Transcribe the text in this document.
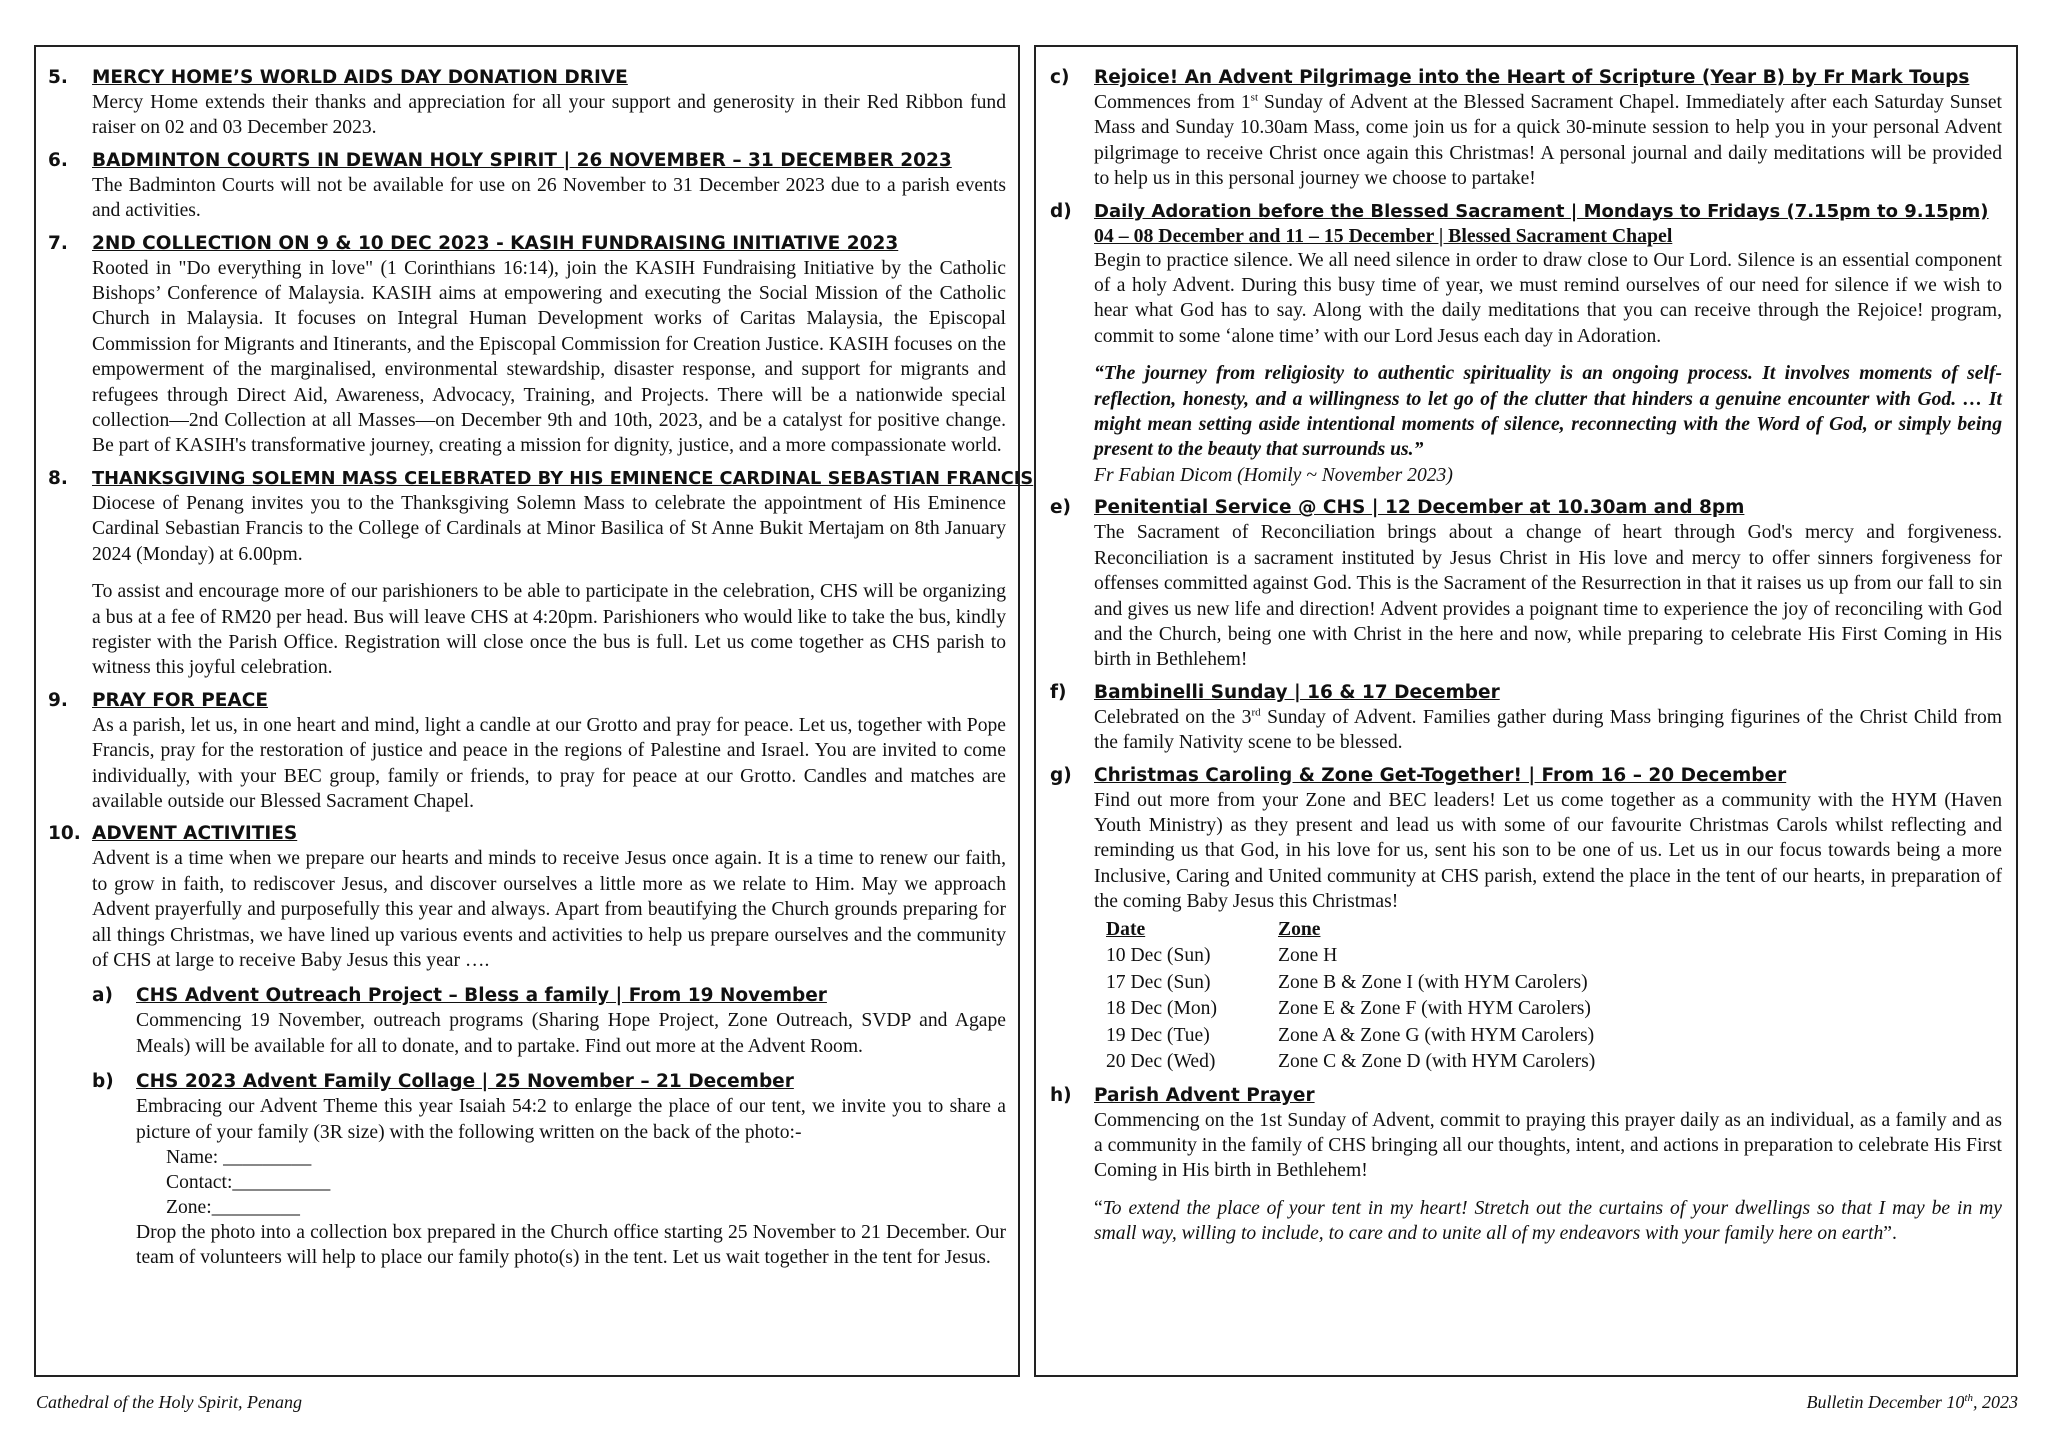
5.	MERCY HOME’S WORLD AIDS DAY DONATION DRIVE
Mercy Home extends their thanks and appreciation for all your support and generosity in their Red Ribbon fund raiser on 02 and 03 December 2023.
6.	BADMINTON COURTS IN DEWAN HOLY SPIRIT | 26 NOVEMBER – 31 DECEMBER 2023
The Badminton Courts will not be available for use on 26 November to 31 December 2023 due to a parish events and activities.
7.	2ND COLLECTION ON 9 & 10 DEC 2023 - KASIH FUNDRAISING INITIATIVE 2023
Rooted in "Do everything in love" (1 Corinthians 16:14), join the KASIH Fundraising Initiative by the Catholic Bishops’ Conference of Malaysia. KASIH aims at empowering and executing the Social Mission of the Catholic Church in Malaysia. It focuses on Integral Human Development works of Caritas Malaysia, the Episcopal Commission for Migrants and Itinerants, and the Episcopal Commission for Creation Justice. KASIH focuses on the empowerment of the marginalised, environmental stewardship, disaster response, and support for migrants and refugees through Direct Aid, Awareness, Advocacy, Training, and Projects. There will be a nationwide special collection—2nd Collection at all Masses—on December 9th and 10th, 2023, and be a catalyst for positive change. Be part of KASIH's transformative journey, creating a mission for dignity, justice, and a more compassionate world.
8.	THANKSGIVING SOLEMN MASS CELEBRATED BY HIS EMINENCE CARDINAL SEBASTIAN FRANCIS

Diocese of Penang invites you to the Thanksgiving Solemn Mass to celebrate the appointment of His Eminence Cardinal Sebastian Francis to the College of Cardinals at Minor Basilica of St Anne Bukit Mertajam on 8th January 2024 (Monday) at 6.00pm.

To assist and encourage more of our parishioners to be able to participate in the celebration, CHS will be organizing a bus at a fee of RM20 per head. Bus will leave CHS at 4:20pm. Parishioners who would like to take the bus, kindly register with the Parish Office. Registration will close once the bus is full. Let us come together as CHS parish to witness this joyful celebration.

9.	PRAY FOR PEACE
As a parish, let us, in one heart and mind, light a candle at our Grotto and pray for peace. Let us, together with Pope Francis, pray for the restoration of justice and peace in the regions of Palestine and Israel. You are invited to come individually, with your BEC group, family or friends, to pray for peace at our Grotto. Candles and matches are available outside our Blessed Sacrament Chapel.
10. ADVENT ACTIVITIES
Advent is a time when we prepare our hearts and minds to receive Jesus once again. It is a time to renew our faith, to grow in faith, to rediscover Jesus, and discover ourselves a little more as we relate to Him. May we approach Advent prayerfully and purposefully this year and always. Apart from beautifying the Church grounds preparing for all things Christmas, we have lined up various events and activities to help us prepare ourselves and the community of CHS at large to receive Baby Jesus this year ….
a)	CHS Advent Outreach Project – Bless a family | From 19 November
Commencing 19 November, outreach programs (Sharing Hope Project, Zone Outreach, SVDP and Agape Meals) will be available for all to donate, and to partake. Find out more at the Advent Room.
b)	CHS 2023 Advent Family Collage | 25 November – 21 December
Embracing our Advent Theme this year Isaiah 54:2 to enlarge the place of our tent, we invite you to share a picture of your family (3R size) with the following written on the back of the photo:-
Name: _________
Contact:__________
Zone:_________
Drop the photo into a collection box prepared in the Church office starting 25 November to 21 December. Our team of volunteers will help to place our family photo(s) in the tent. Let us wait together in the tent for Jesus.
c)	Rejoice! An Advent Pilgrimage into the Heart of Scripture (Year B) by Fr Mark Toups
Commences from 1st Sunday of Advent at the Blessed Sacrament Chapel. Immediately after each Saturday Sunset Mass and Sunday 10.30am Mass, come join us for a quick 30-minute session to help you in your personal Advent pilgrimage to receive Christ once again this Christmas! A personal journal and daily meditations will be provided to help us in this personal journey we choose to partake!
d)	Daily Adoration before the Blessed Sacrament | Mondays to Fridays (7.15pm to 9.15pm)
04 – 08 December and 11 – 15 December | Blessed Sacrament Chapel

Begin to practice silence. We all need silence in order to draw close to Our Lord. Silence is an essential component of a holy Advent. During this busy time of year, we must remind ourselves of our need for silence if we wish to hear what God has to say. Along with the daily meditations that you can receive through the Rejoice! program, commit to some ‘alone time’ with our Lord Jesus each day in Adoration.

“The journey from religiosity to authentic spirituality is an ongoing process. It involves moments of self-reflection, honesty, and a willingness to let go of the clutter that hinders a genuine encounter with God. … It might mean setting aside intentional moments of silence, reconnecting with the Word of God, or simply being present to the beauty that surrounds us.”
Fr Fabian Dicom (Homily ~ November 2023)
e)	Penitential Service @ CHS | 12 December at 10.30am and 8pm
The Sacrament of Reconciliation brings about a change of heart through God's mercy and forgiveness. Reconciliation is a sacrament instituted by Jesus Christ in His love and mercy to offer sinners forgiveness for offenses committed against God. This is the Sacrament of the Resurrection in that it raises us up from our fall to sin and gives us new life and direction! Advent provides a poignant time to experience the joy of reconciling with God and the Church, being one with Christ in the here and now, while preparing to celebrate His First Coming in His birth in Bethlehem!
f)	Bambinelli Sunday | 16 & 17 December
Celebrated on the 3rd Sunday of Advent. Families gather during Mass bringing figurines of the Christ Child from the family Nativity scene to be blessed.
g)	Christmas Caroling & Zone Get-Together! | From 16 – 20 December
Find out more from your Zone and BEC leaders! Let us come together as a community with the HYM (Haven Youth Ministry) as they present and lead us with some of our favourite Christmas Carols whilst reflecting and reminding us that God, in his love for us, sent his son to be one of us. Let us in our focus towards being a more Inclusive, Caring and United community at CHS parish, extend the place in the tent of our hearts, in preparation of the coming Baby Jesus this Christmas!
Date	Zone
10 Dec (Sun)	Zone H
17 Dec (Sun)	Zone B & Zone I (with HYM Carolers)
18 Dec (Mon)	Zone E & Zone F (with HYM Carolers)
19 Dec (Tue)	Zone A & Zone G (with HYM Carolers)
20 Dec (Wed)	Zone C & Zone D (with HYM Carolers)
h)	Parish Advent Prayer

Commencing on the 1st Sunday of Advent, commit to praying this prayer daily as an individual, as a family and as a community in the family of CHS bringing all our thoughts, intent, and actions in preparation to celebrate His First Coming in His birth in Bethlehem!

“To extend the place of your tent in my heart! Stretch out the curtains of your dwellings so that I may be in my small way, willing to include, to care and to unite all of my endeavors with your family here on earth”.
Cathedral of the Holy Spirit, Penang	Bulletin December 10th, 2023
